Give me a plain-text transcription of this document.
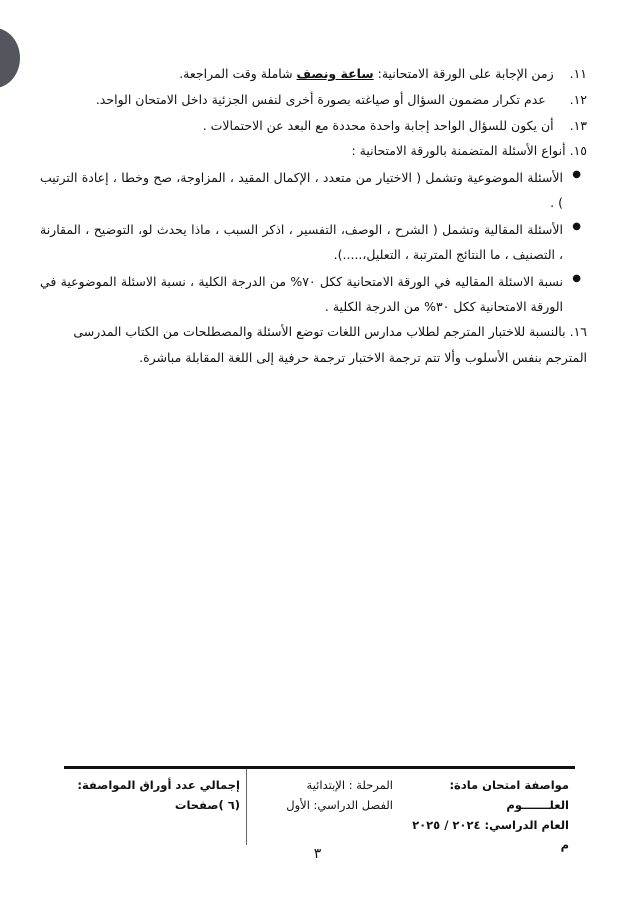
١١.    زمن الإجابة على الورقة الامتحانية: ساعة ونصف شاملة وقت المراجعة.
١٢.      عدم تكرار مضمون السؤال أو صياغته بصورة أخرى لنفس الجزئية داخل الامتحان الواحد.
١٣.    أن يكون للسؤال الواحد إجابة واحدة محددة مع البعد عن الاحتمالات .
١٥. أنواع الأسئلة المتضمنة بالورقة الامتحانية :
●
الأسئلة الموضوعية وتشمل ( الاختيار من متعدد ، الإكمال المقيد ، المزاوجة، صح وخطا ، إعادة الترتيب ) .
●
الأسئلة المقالية وتشمل ( الشرح ، الوصف، التفسير ، اذكر السبب ، ماذا يحدث لو، التوضيح ، المقارنة ، التصنيف ، ما النتائج المترتبة ، التعليل،.....).
●
نسبة الاسئلة المقاليه في الورقة الامتحانية ككل ٧٠% من الدرجة الكلية ، نسبة الاسئلة الموضوعية في الورقة الامتحانية ككل ٣٠% من الدرجة الكلية .
١٦. بالنسبة للاختبار المترجم لطلاب مدارس اللغات توضع الأسئلة والمصطلحات من الكتاب المدرسى
المترجم بنفس الأسلوب وألا تتم ترجمة الاختبار ترجمة حرفية إلى اللغة المقابلة مباشرة.
مواصفة امتحان مادة: العلـــــــوم
العام الدراسي: ٢٠٢٤ / ٢٠٢٥ م
المرحلة : الإبتدائية
الفصل الدراسي: الأول
إجمالي عدد أوراق المواصفة: (٦ )صفحات
٣
